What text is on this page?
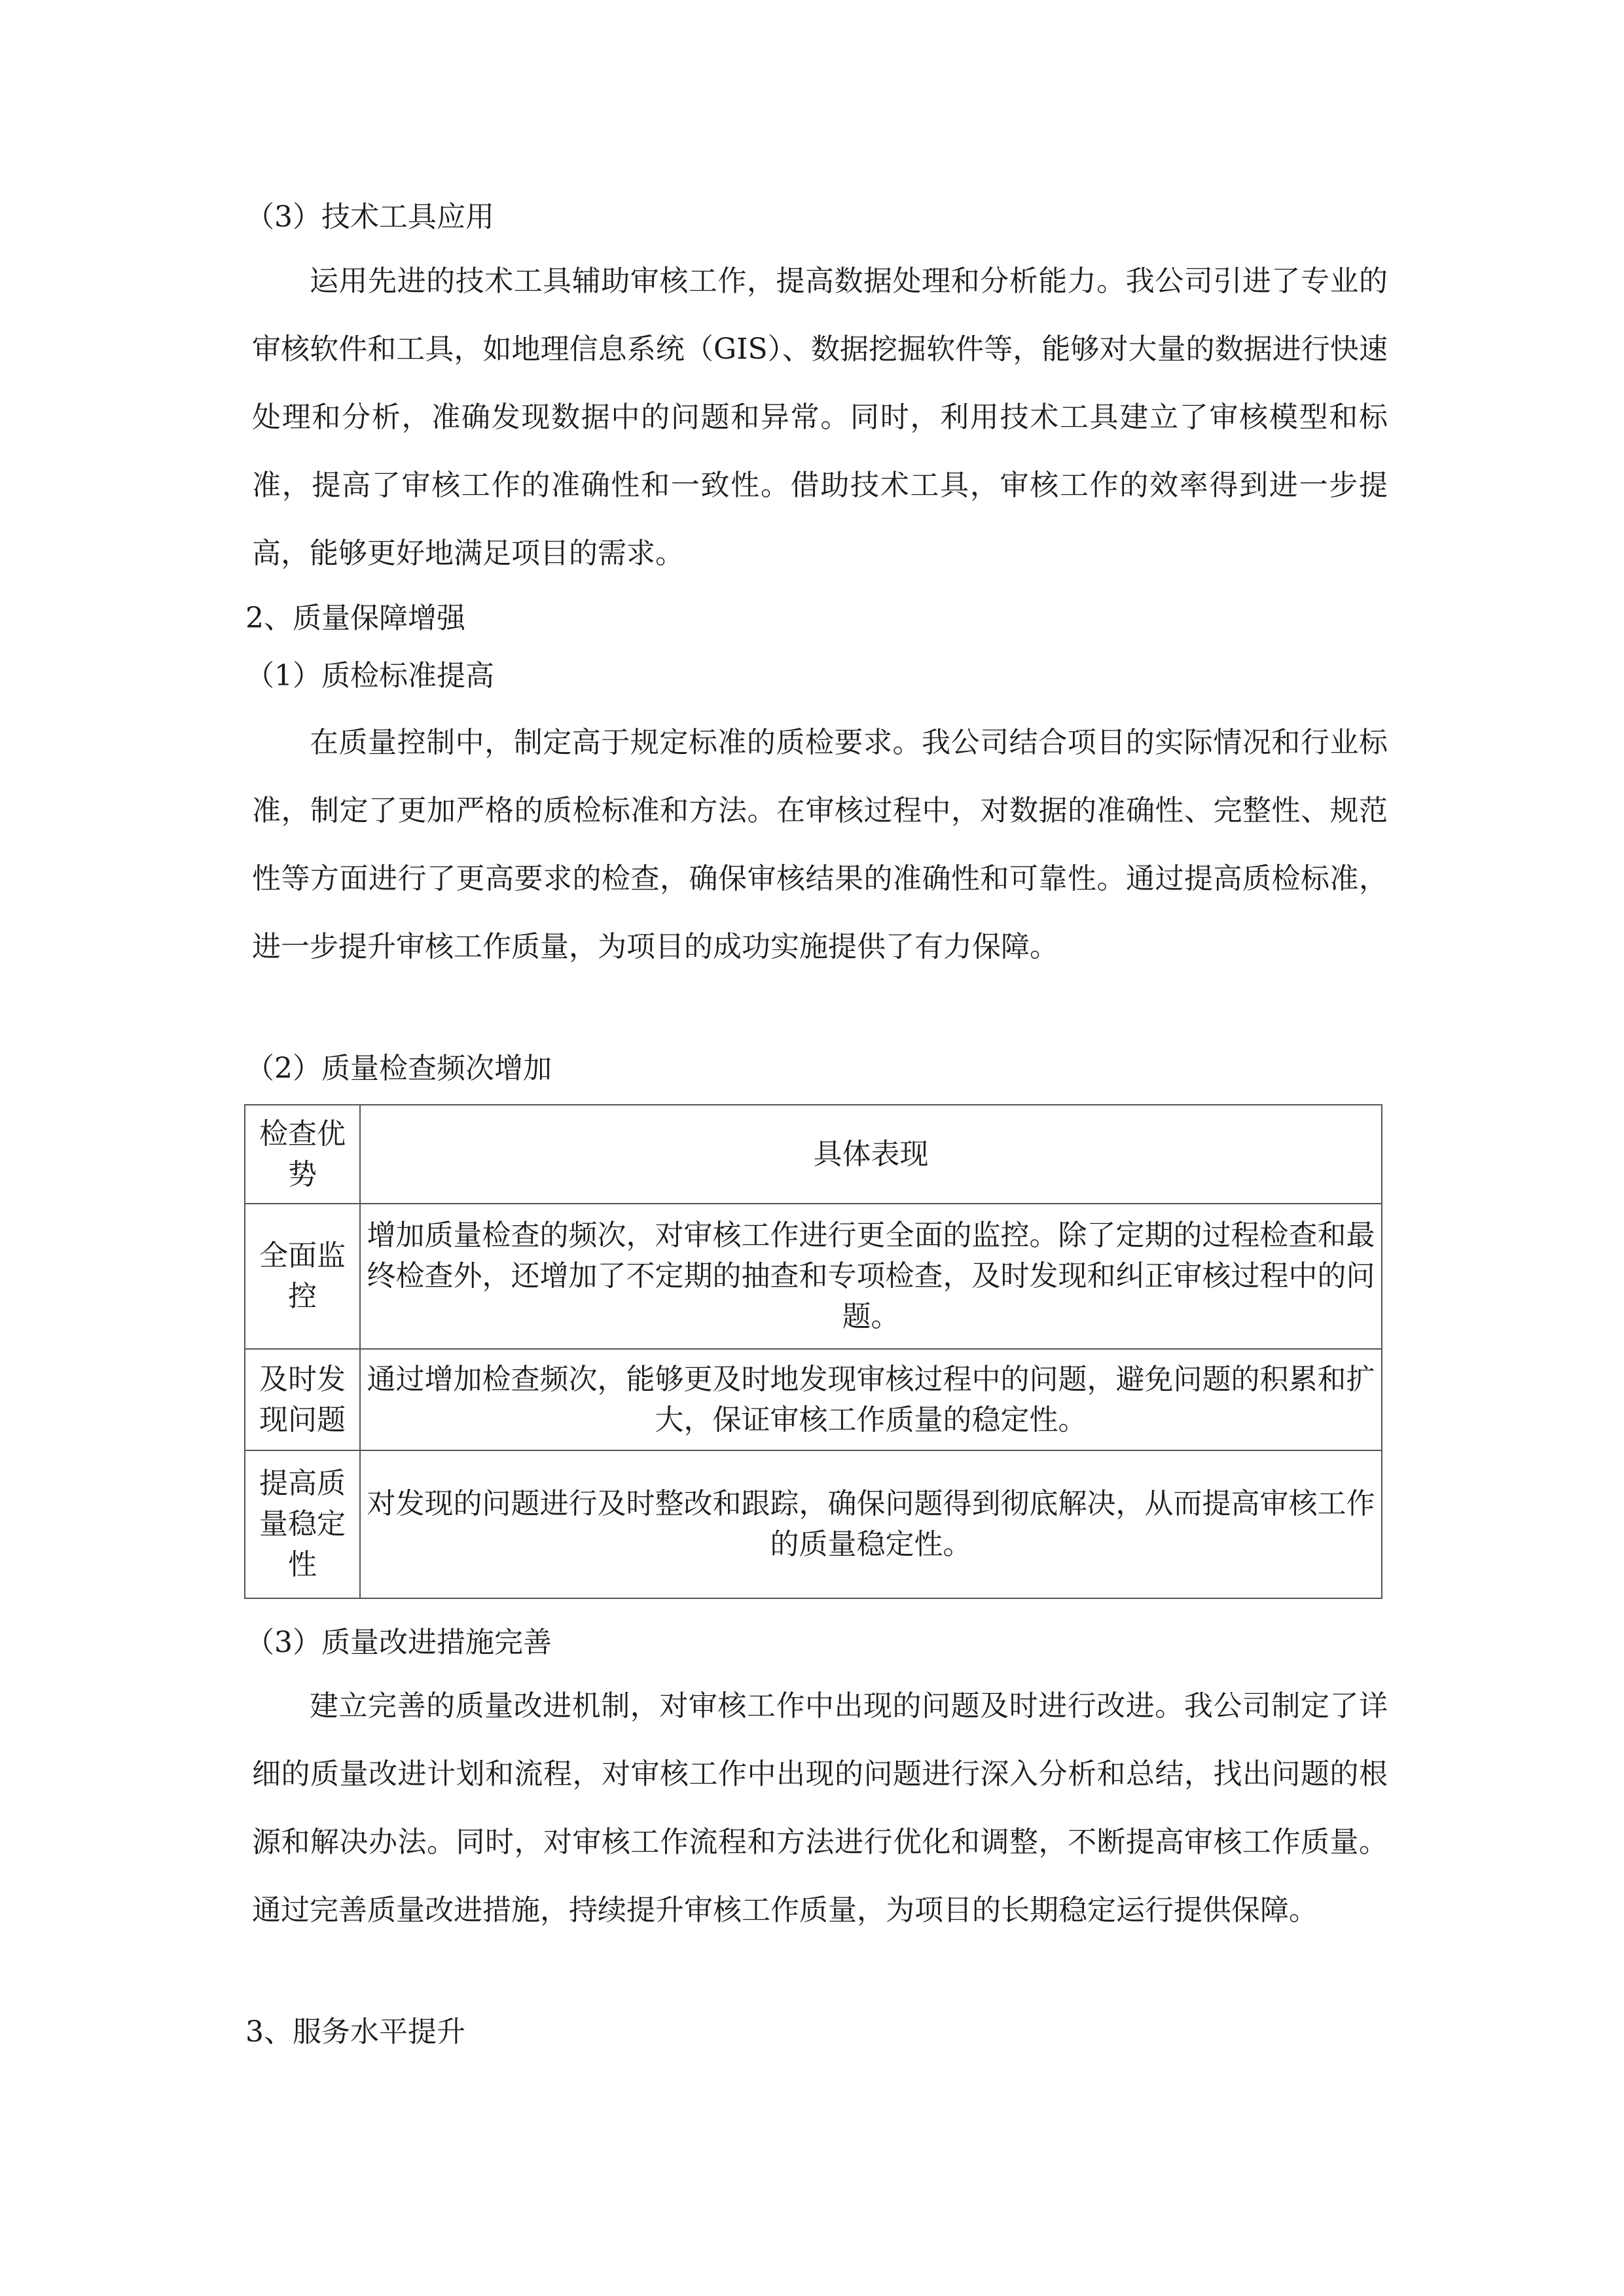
（3）技术工具应用

运用先进的技术工具辅助审核工作，提高数据处理和分析能力。我公司引进了专业的审核软件和工具，如地理信息系统（GIS）、数据挖掘软件等，能够对大量的数据进行快速处理和分析，准确发现数据中的问题和异常。同时，利用技术工具建立了审核模型和标准，提高了审核工作的准确性和一致性。借助技术工具，审核工作的效率得到进一步提高，能够更好地满足项目的需求。

2、质量保障增强
（1）质检标准提高

在质量控制中，制定高于规定标准的质检要求。我公司结合项目的实际情况和行业标准，制定了更加严格的质检标准和方法。在审核过程中，对数据的准确性、完整性、规范性等方面进行了更高要求的检查，确保审核结果的准确性和可靠性。通过提高质检标准，进一步提升审核工作质量，为项目的成功实施提供了有力保障。

（2）质量检查频次增加
检查优势	具体表现
全面监控	增加质量检查的频次，对审核工作进行更全面的监控。除了定期的过程检查和最终检查外，还增加了不定期的抽查和专项检查，及时发现和纠正审核过程中的问题。
及时发现问题	通过增加检查频次，能够更及时地发现审核过程中的问题，避免问题的积累和扩大，保证审核工作质量的稳定性。
提高质量稳定性	对发现的问题进行及时整改和跟踪，确保问题得到彻底解决，从而提高审核工作的质量稳定性。
（3）质量改进措施完善

建立完善的质量改进机制，对审核工作中出现的问题及时进行改进。我公司制定了详细的质量改进计划和流程，对审核工作中出现的问题进行深入分析和总结，找出问题的根源和解决办法。同时，对审核工作流程和方法进行优化和调整，不断提高审核工作质量。通过完善质量改进措施，持续提升审核工作质量，为项目的长期稳定运行提供保障。

3、服务水平提升
